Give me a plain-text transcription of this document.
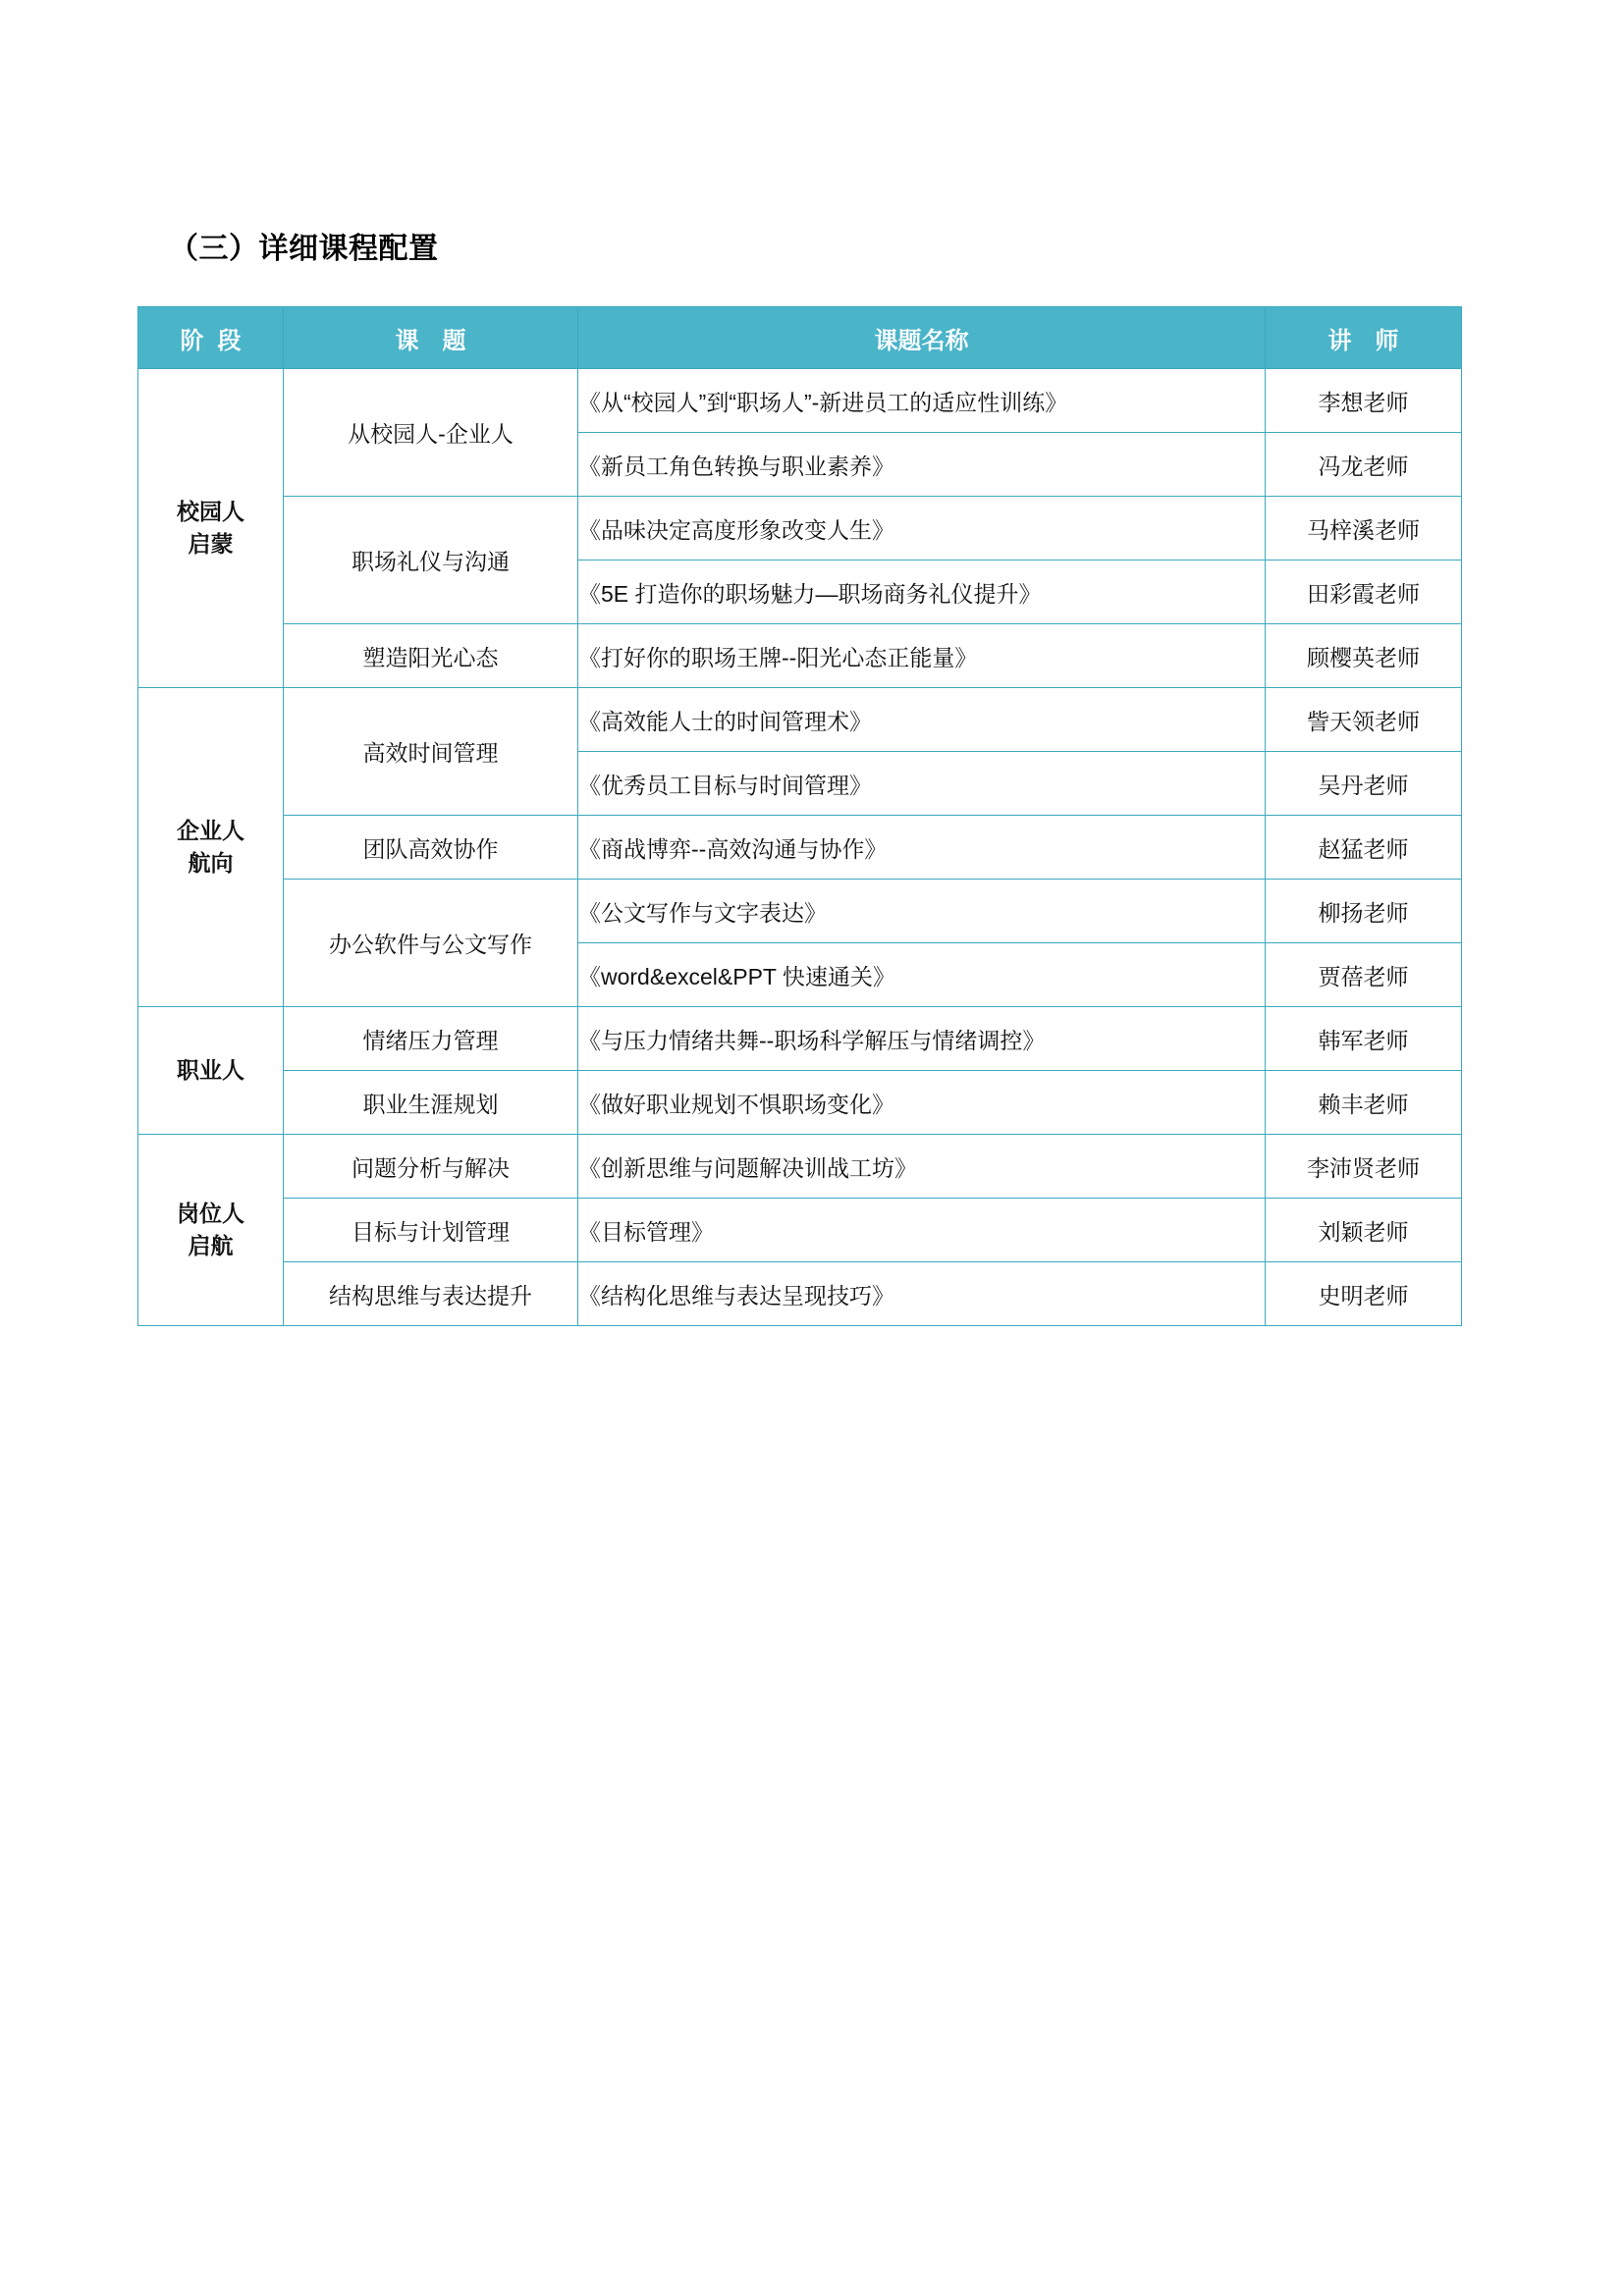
（三）详细课程配置
阶段	课　题	课题名称	讲　师

校园人
启蒙	从校园人-企业人	《从“校园人”到“职场人”-新进员工的适应性训练》	李想老师
		《新员工角色转换与职业素养》	冯龙老师
	职场礼仪与沟通	《品味决定高度形象改变人生》	马梓溪老师
		《5E 打造你的职场魅力—职场商务礼仪提升》	田彩霞老师
	塑造阳光心态	《打好你的职场王牌--阳光心态正能量》	顾樱英老师

企业人
航向	高效时间管理	《高效能人士的时间管理术》	訾天领老师
		《优秀员工目标与时间管理》	吴丹老师
	团队高效协作	《商战博弈--高效沟通与协作》	赵猛老师
	办公软件与公文写作	《公文写作与文字表达》	柳扬老师
		《word&excel&PPT 快速通关》	贾蓓老师

职业人	情绪压力管理	《与压力情绪共舞--职场科学解压与情绪调控》	韩军老师
	职业生涯规划	《做好职业规划不惧职场变化》	赖丰老师

岗位人
启航	问题分析与解决	《创新思维与问题解决训战工坊》	李沛贤老师
	目标与计划管理	《目标管理》	刘颖老师
	结构思维与表达提升	《结构化思维与表达呈现技巧》	史明老师
